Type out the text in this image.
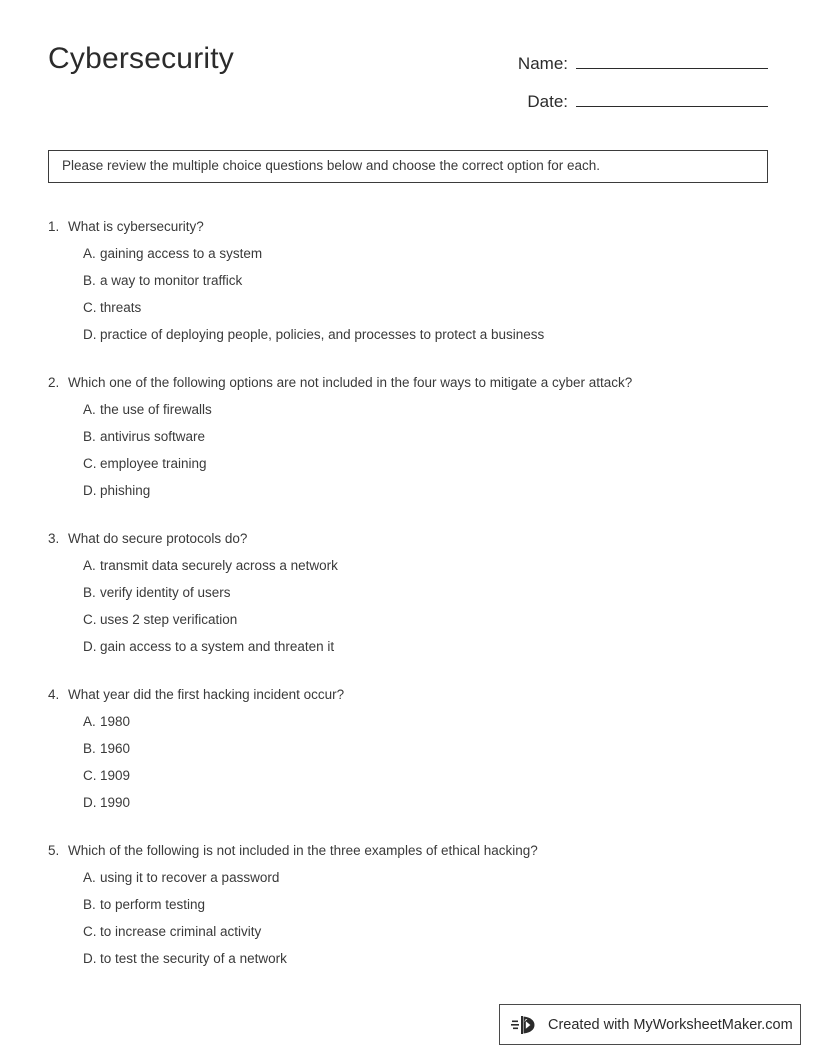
Cybersecurity	Name:
Date:
Please review the multiple choice questions below and choose the correct option for each.
1. What is cybersecurity?
A. gaining access to a system
B. a way to monitor traffick
C. threats
D. practice of deploying people, policies, and processes to protect a business
2. Which one of the following options are not included in the four ways to mitigate a cyber attack?
A. the use of firewalls
B. antivirus software
C. employee training
D. phishing
3. What do secure protocols do?
A. transmit data securely across a network
B. verify identity of users
C. uses 2 step verification
D. gain access to a system and threaten it
4. What year did the first hacking incident occur?
A. 1980
B. 1960
C. 1909
D. 1990
5. Which of the following is not included in the three examples of ethical hacking?
A. using it to recover a password
B. to perform testing
C. to increase criminal activity
D. to test the security of a network
Created with MyWorksheetMaker.com
